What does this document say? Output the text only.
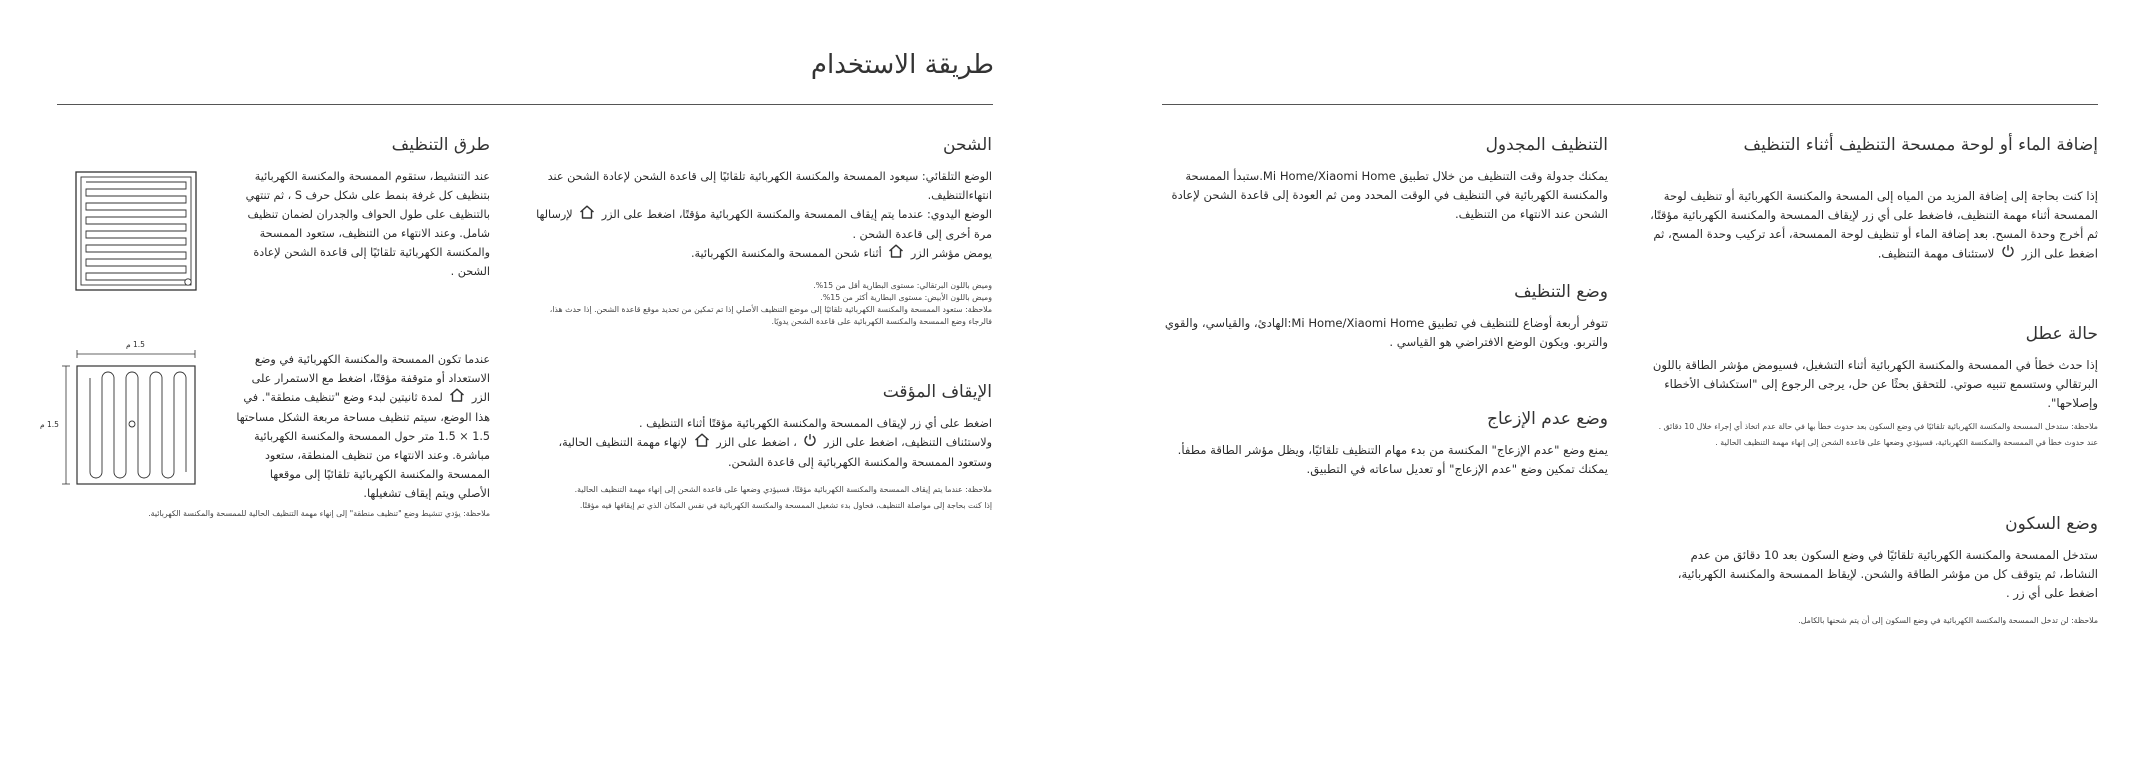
طريقة الاستخدام
إضافة الماء أو لوحة ممسحة التنظيف أثناء التنظيف

إذا كنت بحاجة إلى إضافة المزيد من المياه إلى المسحة والمكنسة الكهربائية أو تنظيف لوحة الممسحة أثناء مهمة التنظيف، فاضغط على أي زر لإيقاف الممسحة والمكنسة الكهربائية مؤقتًا، ثم أخرج وحدة المسح. بعد إضافة الماء أو تنظيف لوحة الممسحة، أعد تركيب وحدة المسح، ثم اضغط على الزر  لاستئناف مهمة التنظيف.

حالة عطل

إذا حدث خطأ في الممسحة والمكنسة الكهربائية أثناء التشغيل، فسيومض مؤشر الطاقة باللون البرتقالي وستسمع تنبيه صوتي. للتحقق بحثًا عن حل، يرجى الرجوع إلى "استكشاف الأخطاء وإصلاحها".

ملاحظة: ستدخل الممسحة والمكنسة الكهربائية تلقائيًا في وضع السكون بعد حدوث خطأ بها في حالة عدم اتخاذ أي إجراء خلال 10 دقائق .

عند حدوث خطأ في الممسحة والمكنسة الكهربائية، فسيؤدي وضعها على قاعدة الشحن إلى إنهاء مهمة التنظيف الحالية .

وضع السكون

ستدخل الممسحة والمكنسة الكهربائية تلقائيًا في وضع السكون بعد 10 دقائق من عدم النشاط، ثم يتوقف كل من مؤشر الطاقة والشحن. لإيقاظ الممسحة والمكنسة الكهربائية، اضغط على أي زر .

ملاحظة: لن تدخل الممسحة والمكنسة الكهربائية في وضع السكون إلى أن يتم شحنها بالكامل.

التنظيف المجدول

يمكنك جدولة وقت التنظيف من خلال تطبيق Mi Home/Xiaomi Home.ستبدأ الممسحة والمكنسة الكهربائية في التنظيف في الوقت المحدد ومن ثم العودة إلى قاعدة الشحن لإعادة الشحن عند الانتهاء من التنظيف.

وضع التنظيف

تتوفر أربعة أوضاع للتنظيف في تطبيق Mi Home/Xiaomi Home:الهادئ، والقياسي، والقوي والتربو. ويكون الوضع الافتراضي هو القياسي .

وضع عدم الإزعاج

يمنع وضع "عدم الإزعاج" المكنسة من بدء مهام التنظيف تلقائيًا، ويظل مؤشر الطاقة مطفأ. يمكنك تمكين وضع "عدم الإزعاج" أو تعديل ساعاته في التطبيق.

الشحن

الوضع التلقائي: سيعود الممسحة والمكنسة الكهربائية تلقائيًا إلى قاعدة الشحن لإعادة الشحن عند انتهاءالتنظيف.

الوضع اليدوي: عندما يتم إيقاف الممسحة والمكنسة الكهربائية مؤقتًا، اضغط على الزر  لإرسالها مرة أخرى إلى قاعدة الشحن .

يومض مؤشر الزر  أثناء شحن الممسحة والمكنسة الكهربائية.

وميض باللون البرتقالي: مستوى البطارية أقل من 15%.

وميض باللون الأبيض: مستوى البطارية أكثر من 15%.

ملاحظة: ستعود الممسحة والمكنسة الكهربائية تلقائيًا إلى موضع التنظيف الأصلي إذا تم تمكين من تحديد موقع قاعدة الشحن. إذا حدث هذا، فالرجاء وضع الممسحة والمكنسة الكهربائية على قاعدة الشحن يدويًا.

الإيقاف المؤقت

اضغط على أي زر لإيقاف الممسحة والمكنسة الكهربائية مؤقتًا أثناء التنظيف .

ولاستئناف التنظيف، اضغط على الزر  ، اضغط على الزر  لإنهاء مهمة التنظيف الحالية،

وستعود الممسحة والمكنسة الكهربائية إلى قاعدة الشحن.

ملاحظة: عندما يتم إيقاف الممسحة والمكنسة الكهربائية مؤقتًا، فسيؤدي وضعها على قاعدة الشحن إلى إنهاء مهمة التنظيف الحالية.

إذا كنت بحاجة إلى مواصلة التنظيف، فحاول بدء تشغيل الممسحة والمكنسة الكهربائية في نفس المكان الذي تم إيقافها فيه مؤقتًا.

طرق التنظيف

عند التنشيط، ستقوم الممسحة والمكنسة الكهربائية بتنظيف كل غرفة بنمط على شكل حرف S ، ثم تنتهي بالتنظيف على طول الحواف والجدران لضمان تنظيف شامل. وعند الانتهاء من التنظيف، ستعود الممسحة والمكنسة الكهربائية تلقائيًا إلى قاعدة الشحن لإعادة الشحن .

عندما تكون الممسحة والمكنسة الكهربائية في وضع الاستعداد أو متوقفة مؤقتًا، اضغط مع الاستمرار على الزر  لمدة ثانيتين لبدء وضع "تنظيف منطقة". في هذا الوضع، سيتم تنظيف مساحة مربعة الشكل مساحتها 1.5 × 1.5 متر حول الممسحة والمكنسة الكهربائية مباشرة. وعند الانتهاء من تنظيف المنطقة، ستعود الممسحة والمكنسة الكهربائية تلقائيًا إلى موقعها الأصلي ويتم إيقاف تشغيلها.

ملاحظة: يؤدي تنشيط وضع "تنظيف منطقة" إلى إنهاء مهمة التنظيف الحالية للممسحة والمكنسة الكهربائية.

1.5 م
1.5 م
